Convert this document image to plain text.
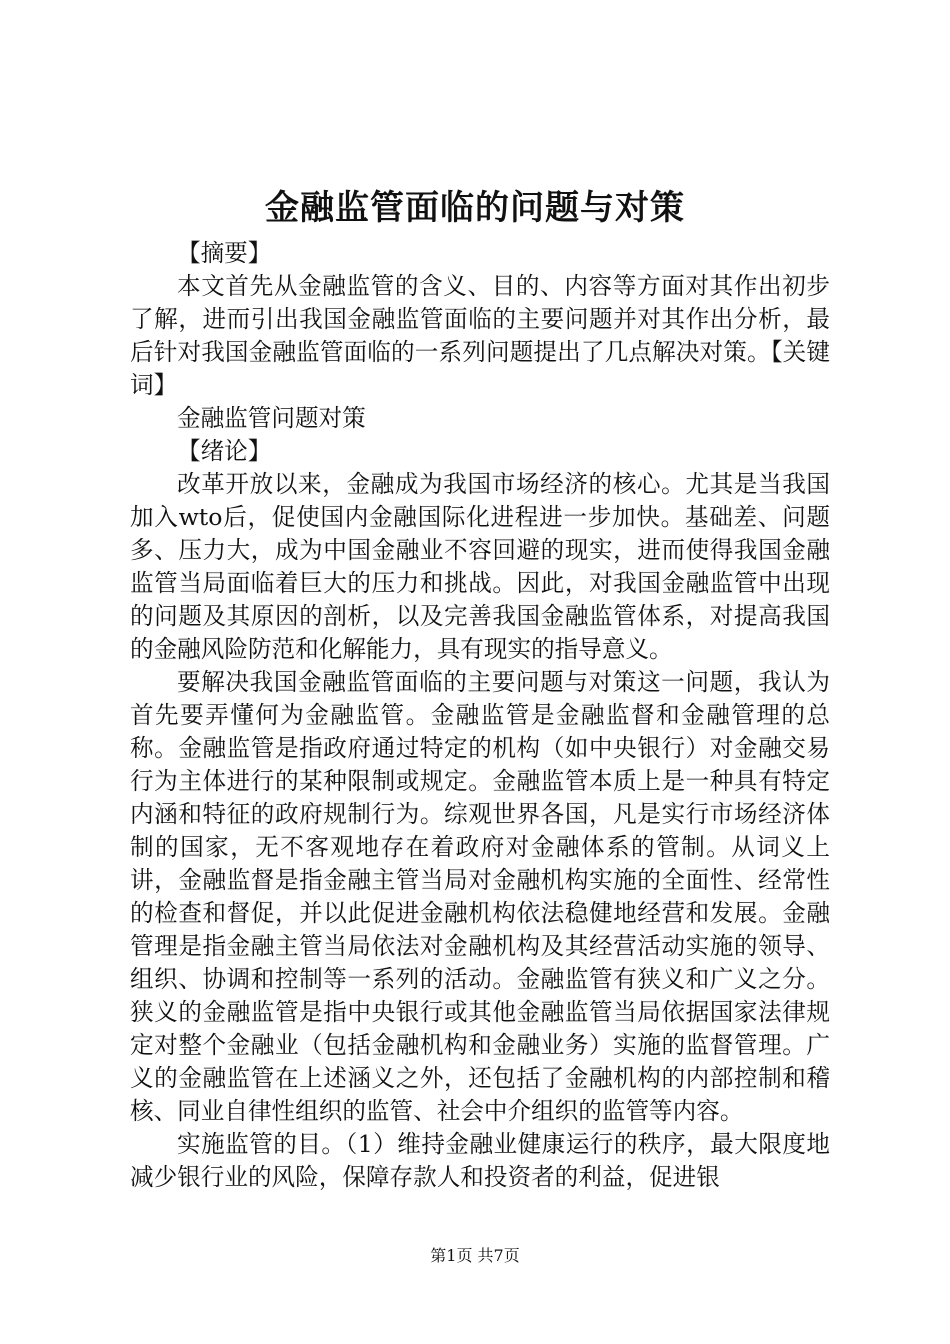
金融监管面临的问题与对策

【摘要】

本文首先从金融监管的含义、目的、内容等方面对其作出初步了解，进而引出我国金融监管面临的主要问题并对其作出分析，最后针对我国金融监管面临的一系列问题提出了几点解决对策。【关键词】

金融监管问题对策

【绪论】

改革开放以来，金融成为我国市场经济的核心。尤其是当我国加入wto后，促使国内金融国际化进程进一步加快。基础差、问题多、压力大，成为中国金融业不容回避的现实，进而使得我国金融监管当局面临着巨大的压力和挑战。因此，对我国金融监管中出现的问题及其原因的剖析，以及完善我国金融监管体系，对提高我国的金融风险防范和化解能力，具有现实的指导意义。

要解决我国金融监管面临的主要问题与对策这一问题，我认为首先要弄懂何为金融监管。金融监管是金融监督和金融管理的总称。金融监管是指政府通过特定的机构（如中央银行）对金融交易行为主体进行的某种限制或规定。金融监管本质上是一种具有特定内涵和特征的政府规制行为。综观世界各国，凡是实行市场经济体制的国家，无不客观地存在着政府对金融体系的管制。从词义上讲，金融监督是指金融主管当局对金融机构实施的全面性、经常性的检查和督促，并以此促进金融机构依法稳健地经营和发展。金融管理是指金融主管当局依法对金融机构及其经营活动实施的领导、组织、协调和控制等一系列的活动。金融监管有狭义和广义之分。狭义的金融监管是指中央银行或其他金融监管当局依据国家法律规定对整个金融业（包括金融机构和金融业务）实施的监督管理。广义的金融监管在上述涵义之外，还包括了金融机构的内部控制和稽核、同业自律性组织的监管、社会中介组织的监管等内容。

实施监管的目。（1）维持金融业健康运行的秩序，最大限度地减少银行业的风险，保障存款人和投资者的利益，促进银

第1页 共7页
